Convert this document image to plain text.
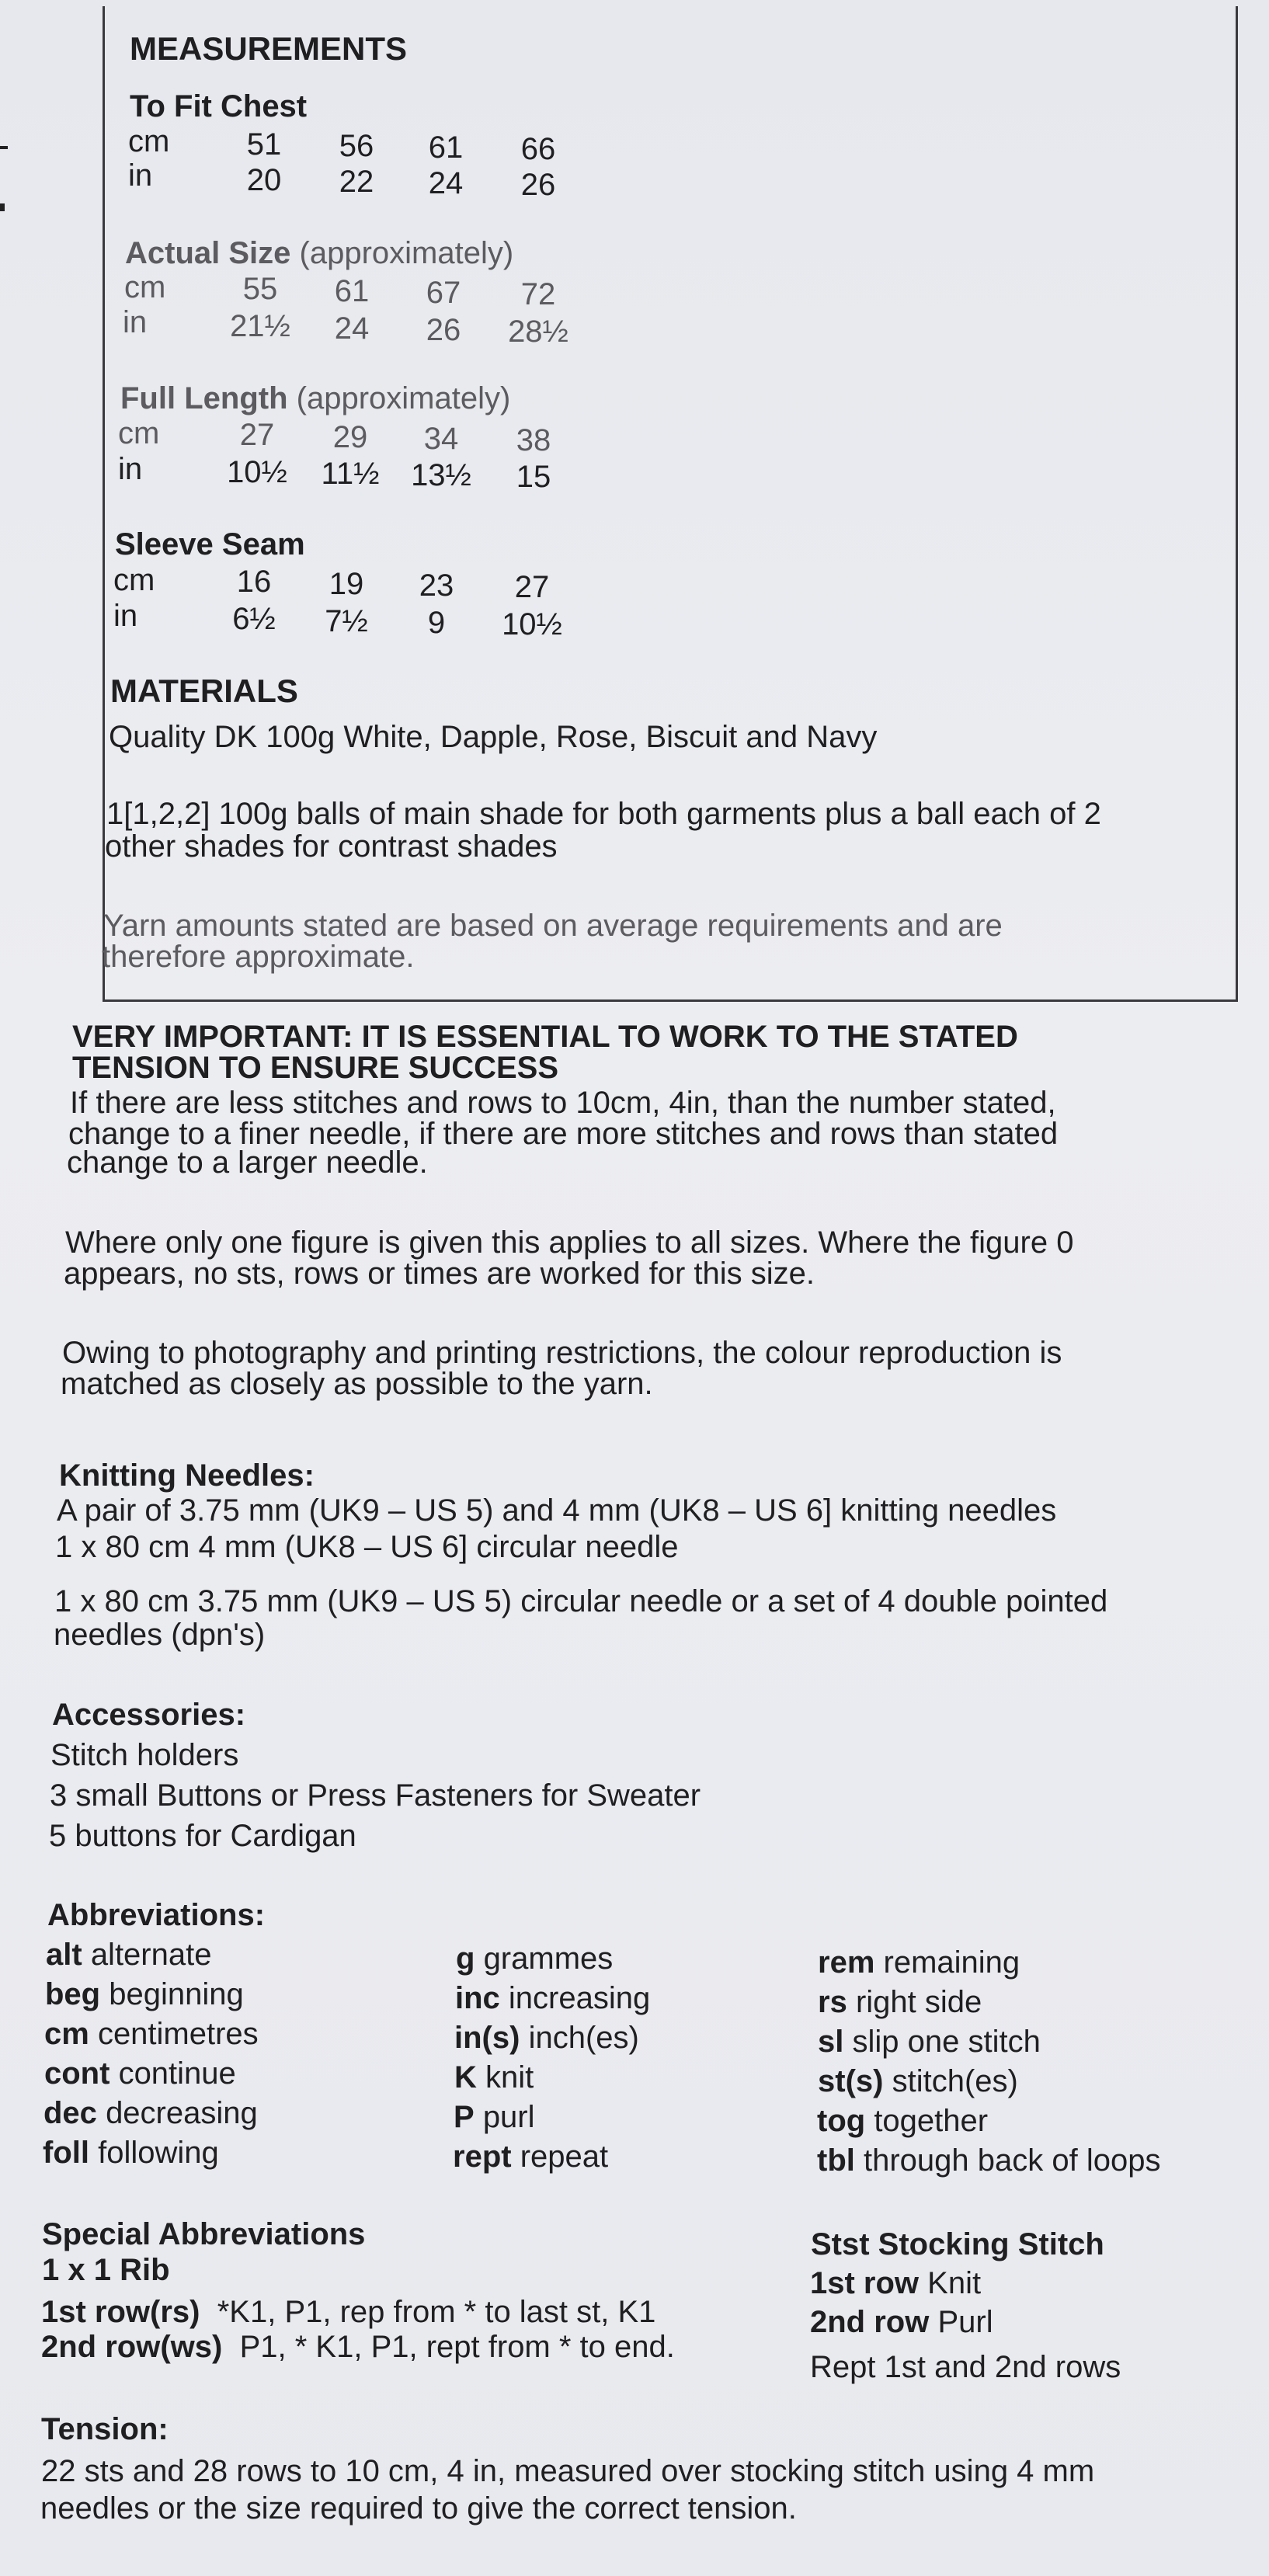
MEASUREMENTS
To Fit Chest
cm	51	56	61	66
in	20	22	24	26
Actual Size (approximately)
cm	55	61	67	72
in	21½	24	26	28½
Full Length (approximately)
cm	27	29	34	38
in	10½	11½	13½	15
Sleeve Seam
cm	16	19	23	27
in	6½	7½	9	10½
MATERIALS
Quality DK 100g White, Dapple, Rose, Biscuit and Navy
1[1,2,2] 100g balls of main shade for both garments plus a ball each of 2
other shades for contrast shades
Yarn amounts stated are based on average requirements and are
therefore approximate.
VERY IMPORTANT: IT IS ESSENTIAL TO WORK TO THE STATED
TENSION TO ENSURE SUCCESS
If there are less stitches and rows to 10cm, 4in, than the number stated,
change to a finer needle, if there are more stitches and rows than stated
change to a larger needle.
Where only one figure is given this applies to all sizes. Where the figure 0
appears, no sts, rows or times are worked for this size.
Owing to photography and printing restrictions, the colour reproduction is
matched as closely as possible to the yarn.
Knitting Needles:
A pair of 3.75 mm (UK9 – US 5) and 4 mm (UK8 – US 6] knitting needles
1 x 80 cm 4 mm (UK8 – US 6] circular needle
1 x 80 cm 3.75 mm (UK9 – US 5) circular needle or a set of 4 double pointed
needles (dpn's)
Accessories:
Stitch holders
3 small Buttons or Press Fasteners for Sweater
5 buttons for Cardigan
Abbreviations:
alt alternate
beg beginning
cm centimetres
cont continue
dec decreasing
foll following
g grammes
inc increasing
in(s) inch(es)
K knit
P purl
rept repeat
rem remaining
rs right side
sl slip one stitch
st(s) stitch(es)
tog together
tbl through back of loops
Special Abbreviations
1 x 1 Rib
1st row(rs) *K1, P1, rep from * to last st, K1
2nd row(ws) P1, * K1, P1, rept from * to end.
Stst Stocking Stitch
1st row Knit
2nd row Purl
Rept 1st and 2nd rows
Tension:
22 sts and 28 rows to 10 cm, 4 in, measured over stocking stitch using 4 mm
needles or the size required to give the correct tension.
